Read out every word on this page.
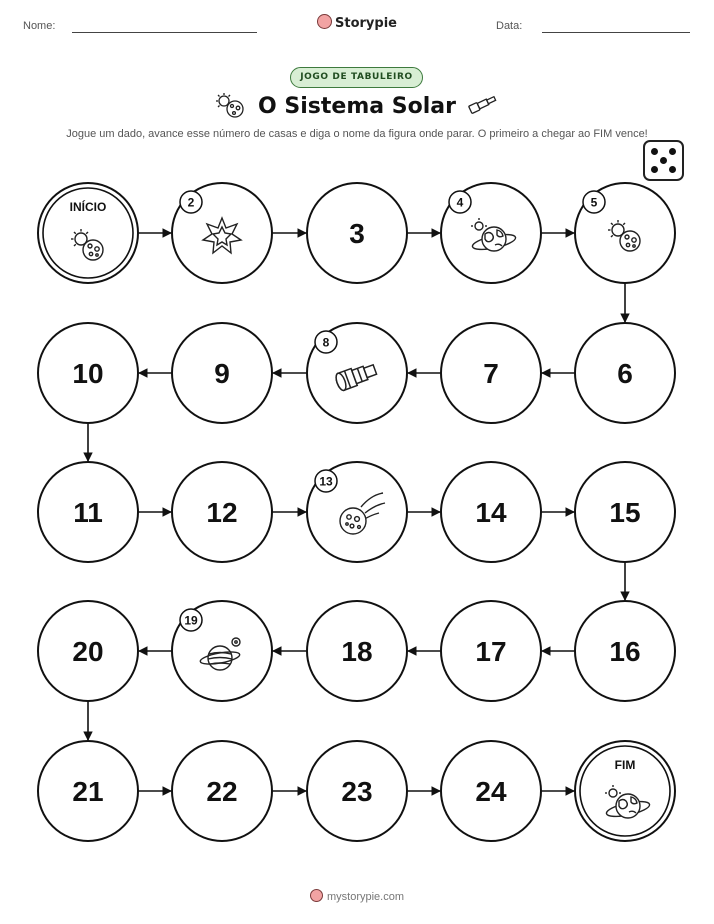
Nome:	Data:
Storypie
JOGO DE TABULEIRO
O Sistema Solar
Jogue um dado, avance esse número de casas e diga o nome da figura onde parar. O primeiro a chegar ao FIM vence!
INÍCIO	2
3
4	5
6
7
8
9
10
11	12
13
14	15
16
17
18
19
20
21	22	23	24
FIM
mystorypie.com
